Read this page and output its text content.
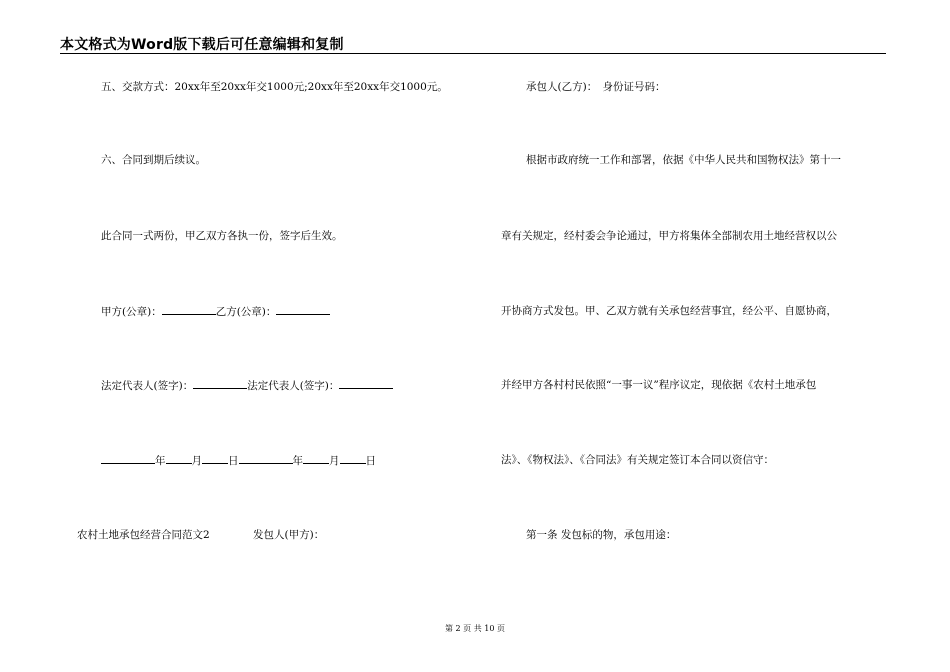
本文格式为Word版下载后可任意编辑和复制
五、交款方式：20xx年至20xx年交1000元;20xx年至20xx年交1000元。
六、合同到期后续议。
此合同一式两份，甲乙双方各执一份，签字后生效。
甲方(公章)：	乙方(公章)：
法定代表人(签字)：	法定代表人(签字)：
年 月 日	年 月 日
农村土地承包经营合同范文2	发包人(甲方)：
承包人(乙方)：　身份证号码：
根据市政府统一工作和部署，依据《中华人民共和国物权法》第十一
章有关规定，经村委会争论通过，甲方将集体全部制农用土地经营权以公
开协商方式发包。甲、乙双方就有关承包经营事宜，经公平、自愿协商，
并经甲方各村村民依照“一事一议”程序议定，现依据《农村土地承包
法》、《物权法》、《合同法》有关规定签订本合同以资信守：
第一条 发包标的物，承包用途：
第 2 页 共 10 页
